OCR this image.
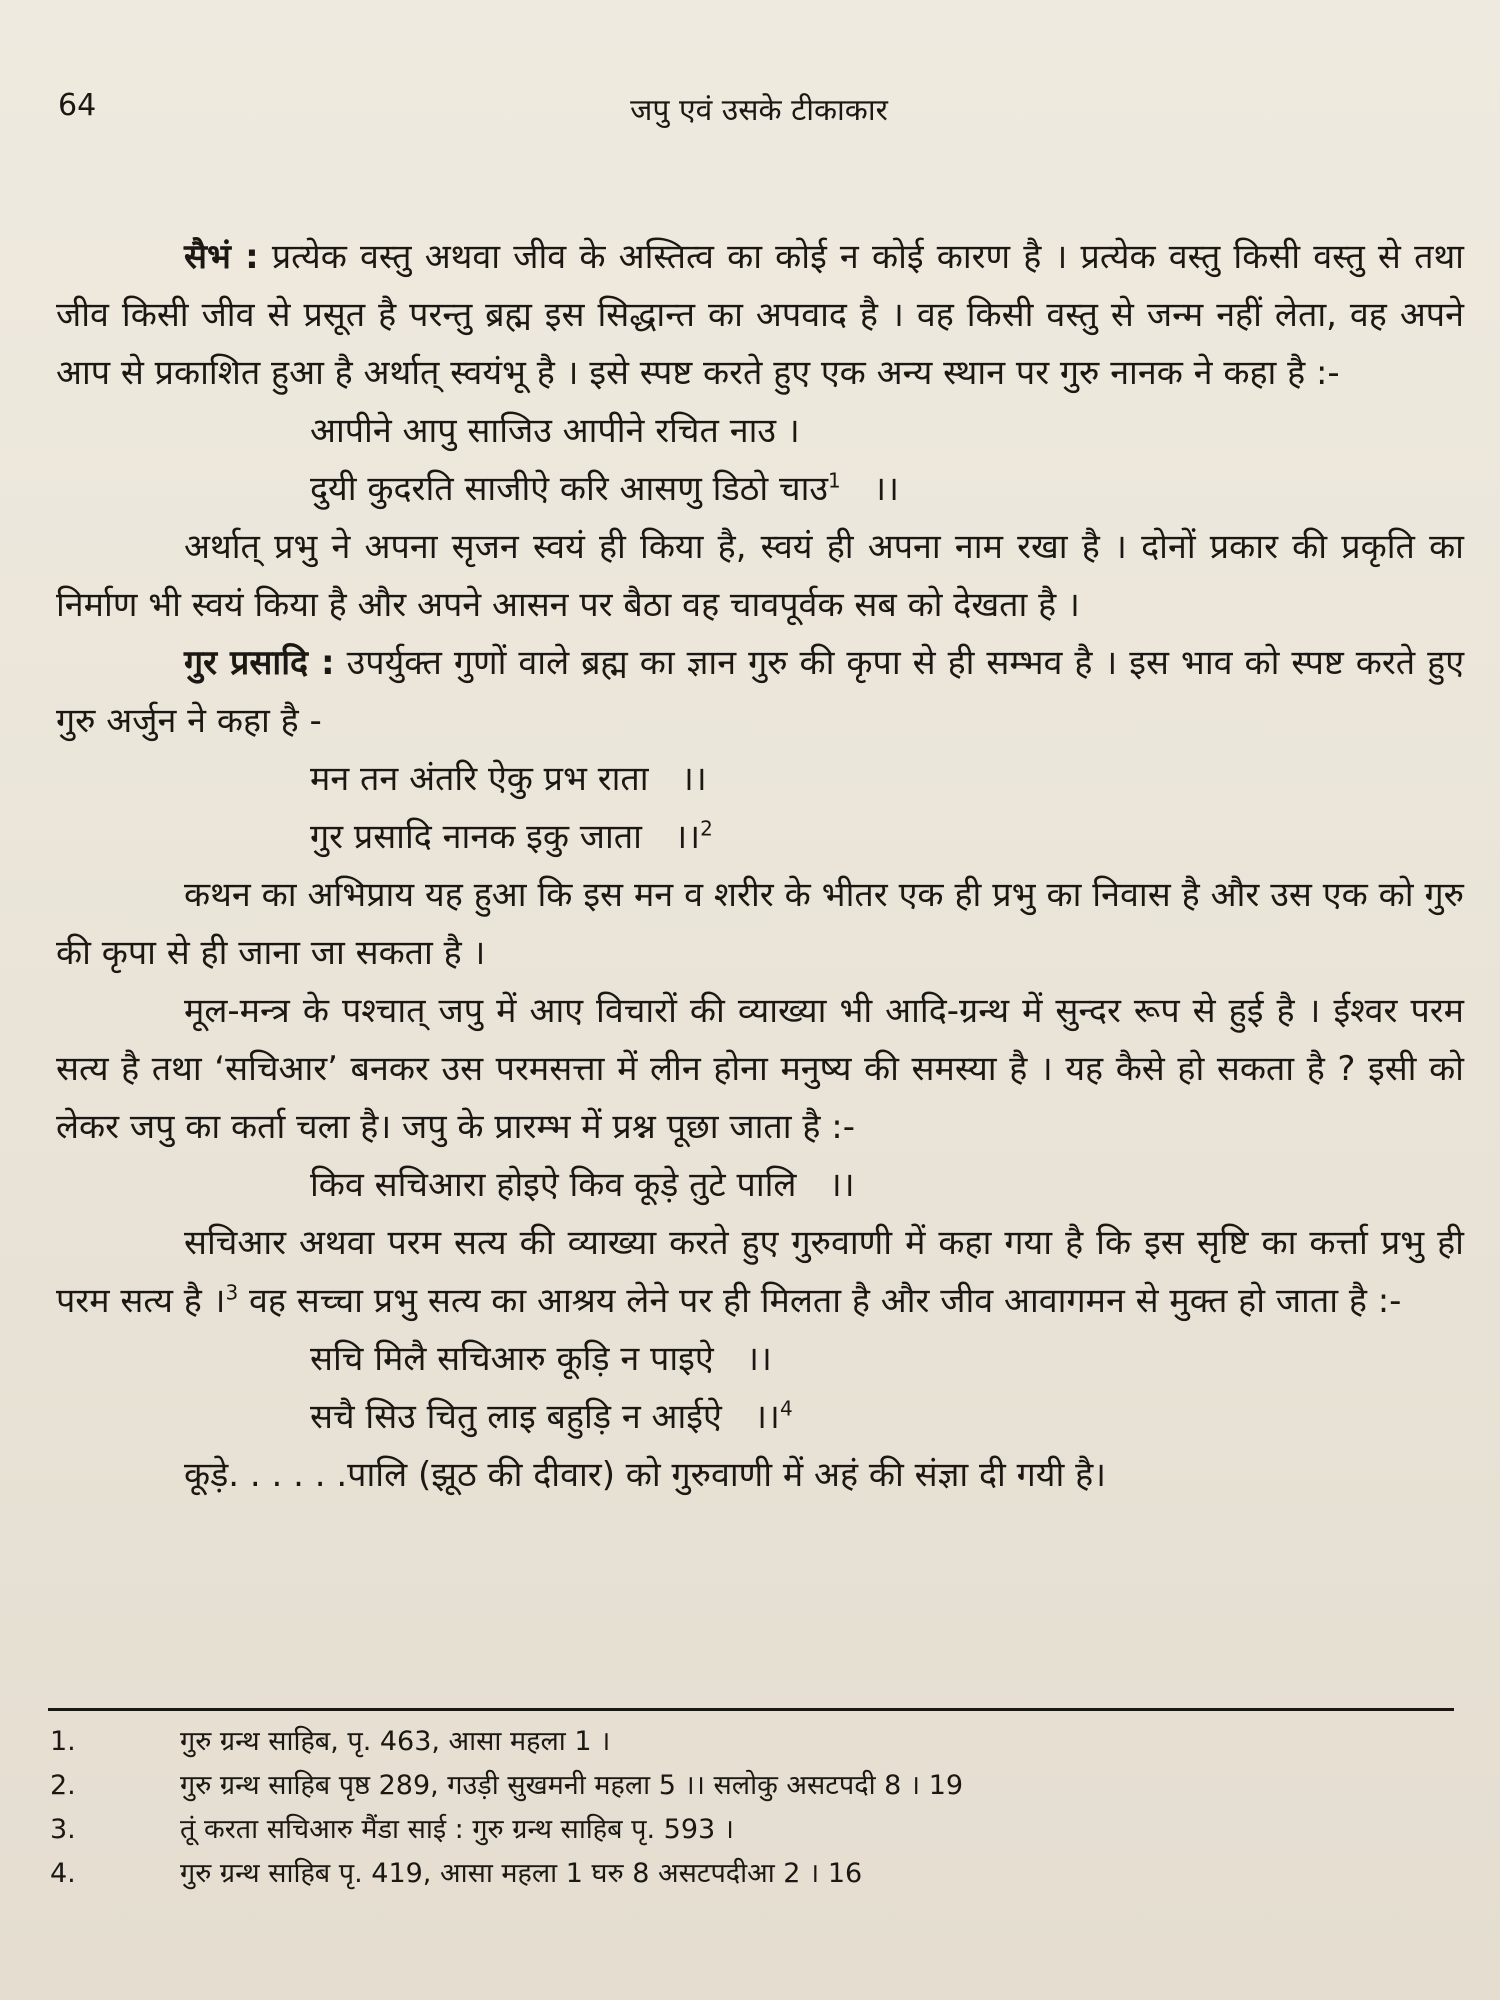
64	जपु एवं उसके टीकाकार

सैभं : प्रत्येक वस्तु अथवा जीव के अस्तित्व का कोई न कोई कारण है । प्रत्येक वस्तु किसी वस्तु से तथा जीव किसी जीव से प्रसूत है परन्तु ब्रह्म इस सिद्धान्त का अपवाद है । वह किसी वस्तु से जन्म नहीं लेता, वह अपने आप से प्रकाशित हुआ है अर्थात् स्वयंभू है । इसे स्पष्ट करते हुए एक अन्य स्थान पर गुरु नानक ने कहा है :-

आपीने आपु साजिउ आपीने रचित नाउ ।

दुयी कुदरति साजीऐ करि आसणु डिठो चाउ$^1$   ।।

अर्थात् प्रभु ने अपना सृजन स्वयं ही किया है, स्वयं ही अपना नाम रखा है । दोनों प्रकार की प्रकृति का निर्माण भी स्वयं किया है और अपने आसन पर बैठा वह चावपूर्वक सब को देखता है ।

गुर प्रसादि : उपर्युक्त गुणों वाले ब्रह्म का ज्ञान गुरु की कृपा से ही सम्भव है । इस भाव को स्पष्ट करते हुए गुरु अर्जुन ने कहा है -

मन तन अंतरि ऐकु प्रभ राता   ।।

गुर प्रसादि नानक इकु जाता   ।।$^2$

कथन का अभिप्राय यह हुआ कि इस मन व शरीर के भीतर एक ही प्रभु का निवास है और उस एक को गुरु की कृपा से ही जाना जा सकता है ।

मूल-मन्त्र के पश्चात् जपु में आए विचारों की व्याख्या भी आदि-ग्रन्थ में सुन्दर रूप से हुई है । ईश्वर परम सत्य है तथा ‘सचिआर’ बनकर उस परमसत्ता में लीन होना मनुष्य की समस्या है । यह कैसे हो सकता है ? इसी को लेकर जपु का कर्ता चला है। जपु के प्रारम्भ में प्रश्न पूछा जाता है :-

किव सचिआरा होइऐ किव कूड़े तुटे पालि   ।।

सचिआर अथवा परम सत्य की व्याख्या करते हुए गुरुवाणी में कहा गया है कि इस सृष्टि का कर्त्ता प्रभु ही परम सत्य है ।$^3$ वह सच्चा प्रभु सत्य का आश्रय लेने पर ही मिलता है और जीव आवागमन से मुक्त हो जाता है :-

सचि मिलै सचिआरु कूड़ि न पाइऐ   ।।

सचै सिउ चितु लाइ बहुड़ि न आईऐ   ।।$^4$

कूड़े. . . . . .पालि (झूठ की दीवार) को गुरुवाणी में अहं की संज्ञा दी गयी है।

1.	गुरु ग्रन्थ साहिब, पृ. 463, आसा महला 1 ।

2.	गुरु ग्रन्थ साहिब पृष्ठ 289, गउड़ी सुखमनी महला 5 ।। सलोकु असटपदी 8 । 19

3.	तूं करता सचिआरु मैंडा साई : गुरु ग्रन्थ साहिब पृ. 593 ।

4.	गुरु ग्रन्थ साहिब पृ. 419, आसा महला 1 घरु 8 असटपदीआ 2 । 16
